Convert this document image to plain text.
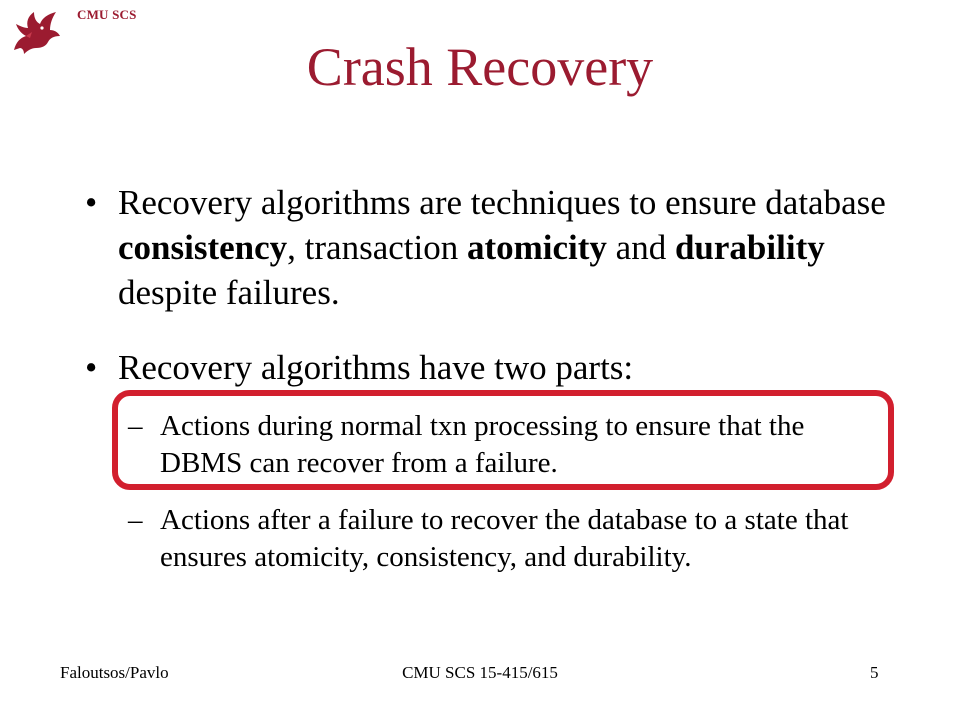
CMU SCS
Crash Recovery
• Recovery algorithms are techniques to ensure database consistency, transaction atomicity and durability despite failures.
• Recovery algorithms have two parts:
– Actions during normal txn processing to ensure that the DBMS can recover from a failure.
– Actions after a failure to recover the database to a state that ensures atomicity, consistency, and durability.
Faloutsos/Pavlo	CMU SCS 15-415/615	5
